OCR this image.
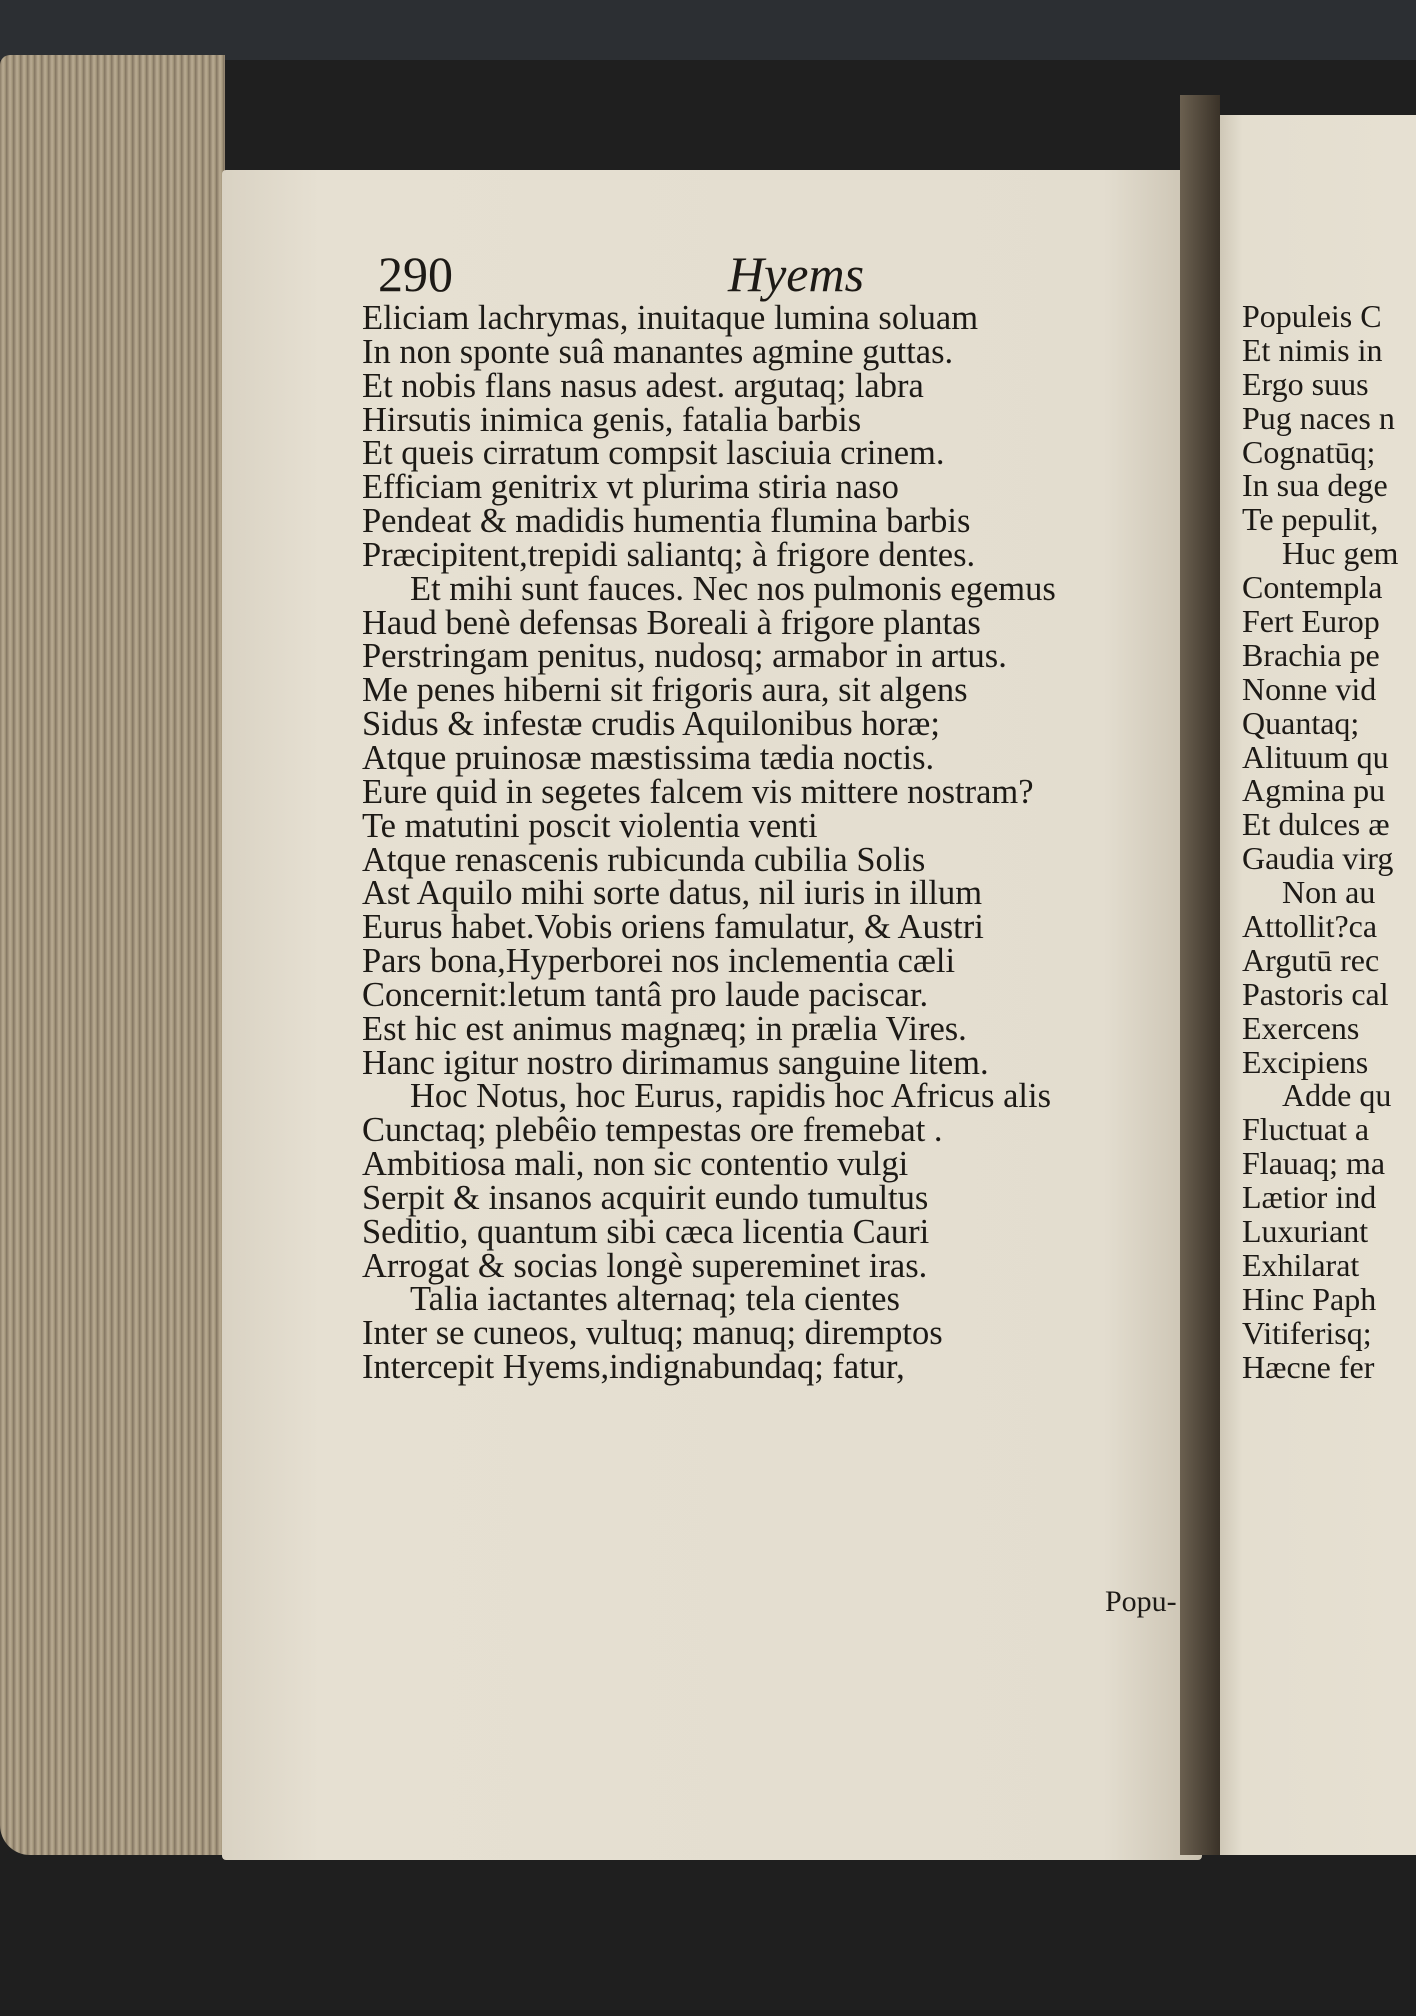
290	Hyems
Eliciam lachrymas, inuitaque lumina soluam
In non sponte suâ manantes agmine guttas.
Et nobis flans nasus adest. argutaq; labra
Hirsutis inimica genis, fatalia barbis
Et queis cirratum compsit lasciuia crinem.
Efficiam genitrix vt plurima stiria naso
Pendeat & madidis humentia flumina barbis
Præcipitent,trepidi saliantq; à frigore dentes.
Et mihi sunt fauces. Nec nos pulmonis egemus
Haud benè defensas Boreali à frigore plantas
Perstringam penitus, nudosq; armabor in artus.
Me penes hiberni sit frigoris aura, sit algens
Sidus & infestæ crudis Aquilonibus horæ;
Atque pruinosæ mæstissima tædia noctis.
Eure quid in segetes falcem vis mittere nostram?
Te matutini poscit violentia venti
Atque renascenis rubicunda cubilia Solis
Ast Aquilo mihi sorte datus, nil iuris in illum
Eurus habet.Vobis oriens famulatur, & Austri
Pars bona,Hyperborei nos inclementia cæli
Concernit:letum tantâ pro laude paciscar.
Est hic est animus magnæq; in prælia Vires.
Hanc igitur nostro dirimamus sanguine litem.
Hoc Notus, hoc Eurus, rapidis hoc Africus alis
Cunctaq; plebêio tempestas ore fremebat .
Ambitiosa mali, non sic contentio vulgi
Serpit & insanos acquirit eundo tumultus
Seditio, quantum sibi cæca licentia Cauri
Arrogat & socias longè supereminet iras.
Talia iactantes alternaq; tela cientes
Inter se cuneos, vultuq; manuq; diremptos
Intercepit Hyems,indignabundaq; fatur,
Popu-
Populeis C
Et nimis in
Ergo suus
Pug naces n
Cognatūq;
In sua dege
Te pepulit,
Huc gem
Contempla
Fert Europ
Brachia pe
Nonne vid
Quantaq;
Alituum qu
Agmina pu
Et dulces æ
Gaudia virg
Non au
Attollit?ca
Argutū rec
Pastoris cal
Exercens
Excipiens
Adde qu
Fluctuat a
Flauaq; ma
Lætior ind
Luxuriant
Exhilarat
Hinc Paph
Vitiferisq;
Hæcne fer
